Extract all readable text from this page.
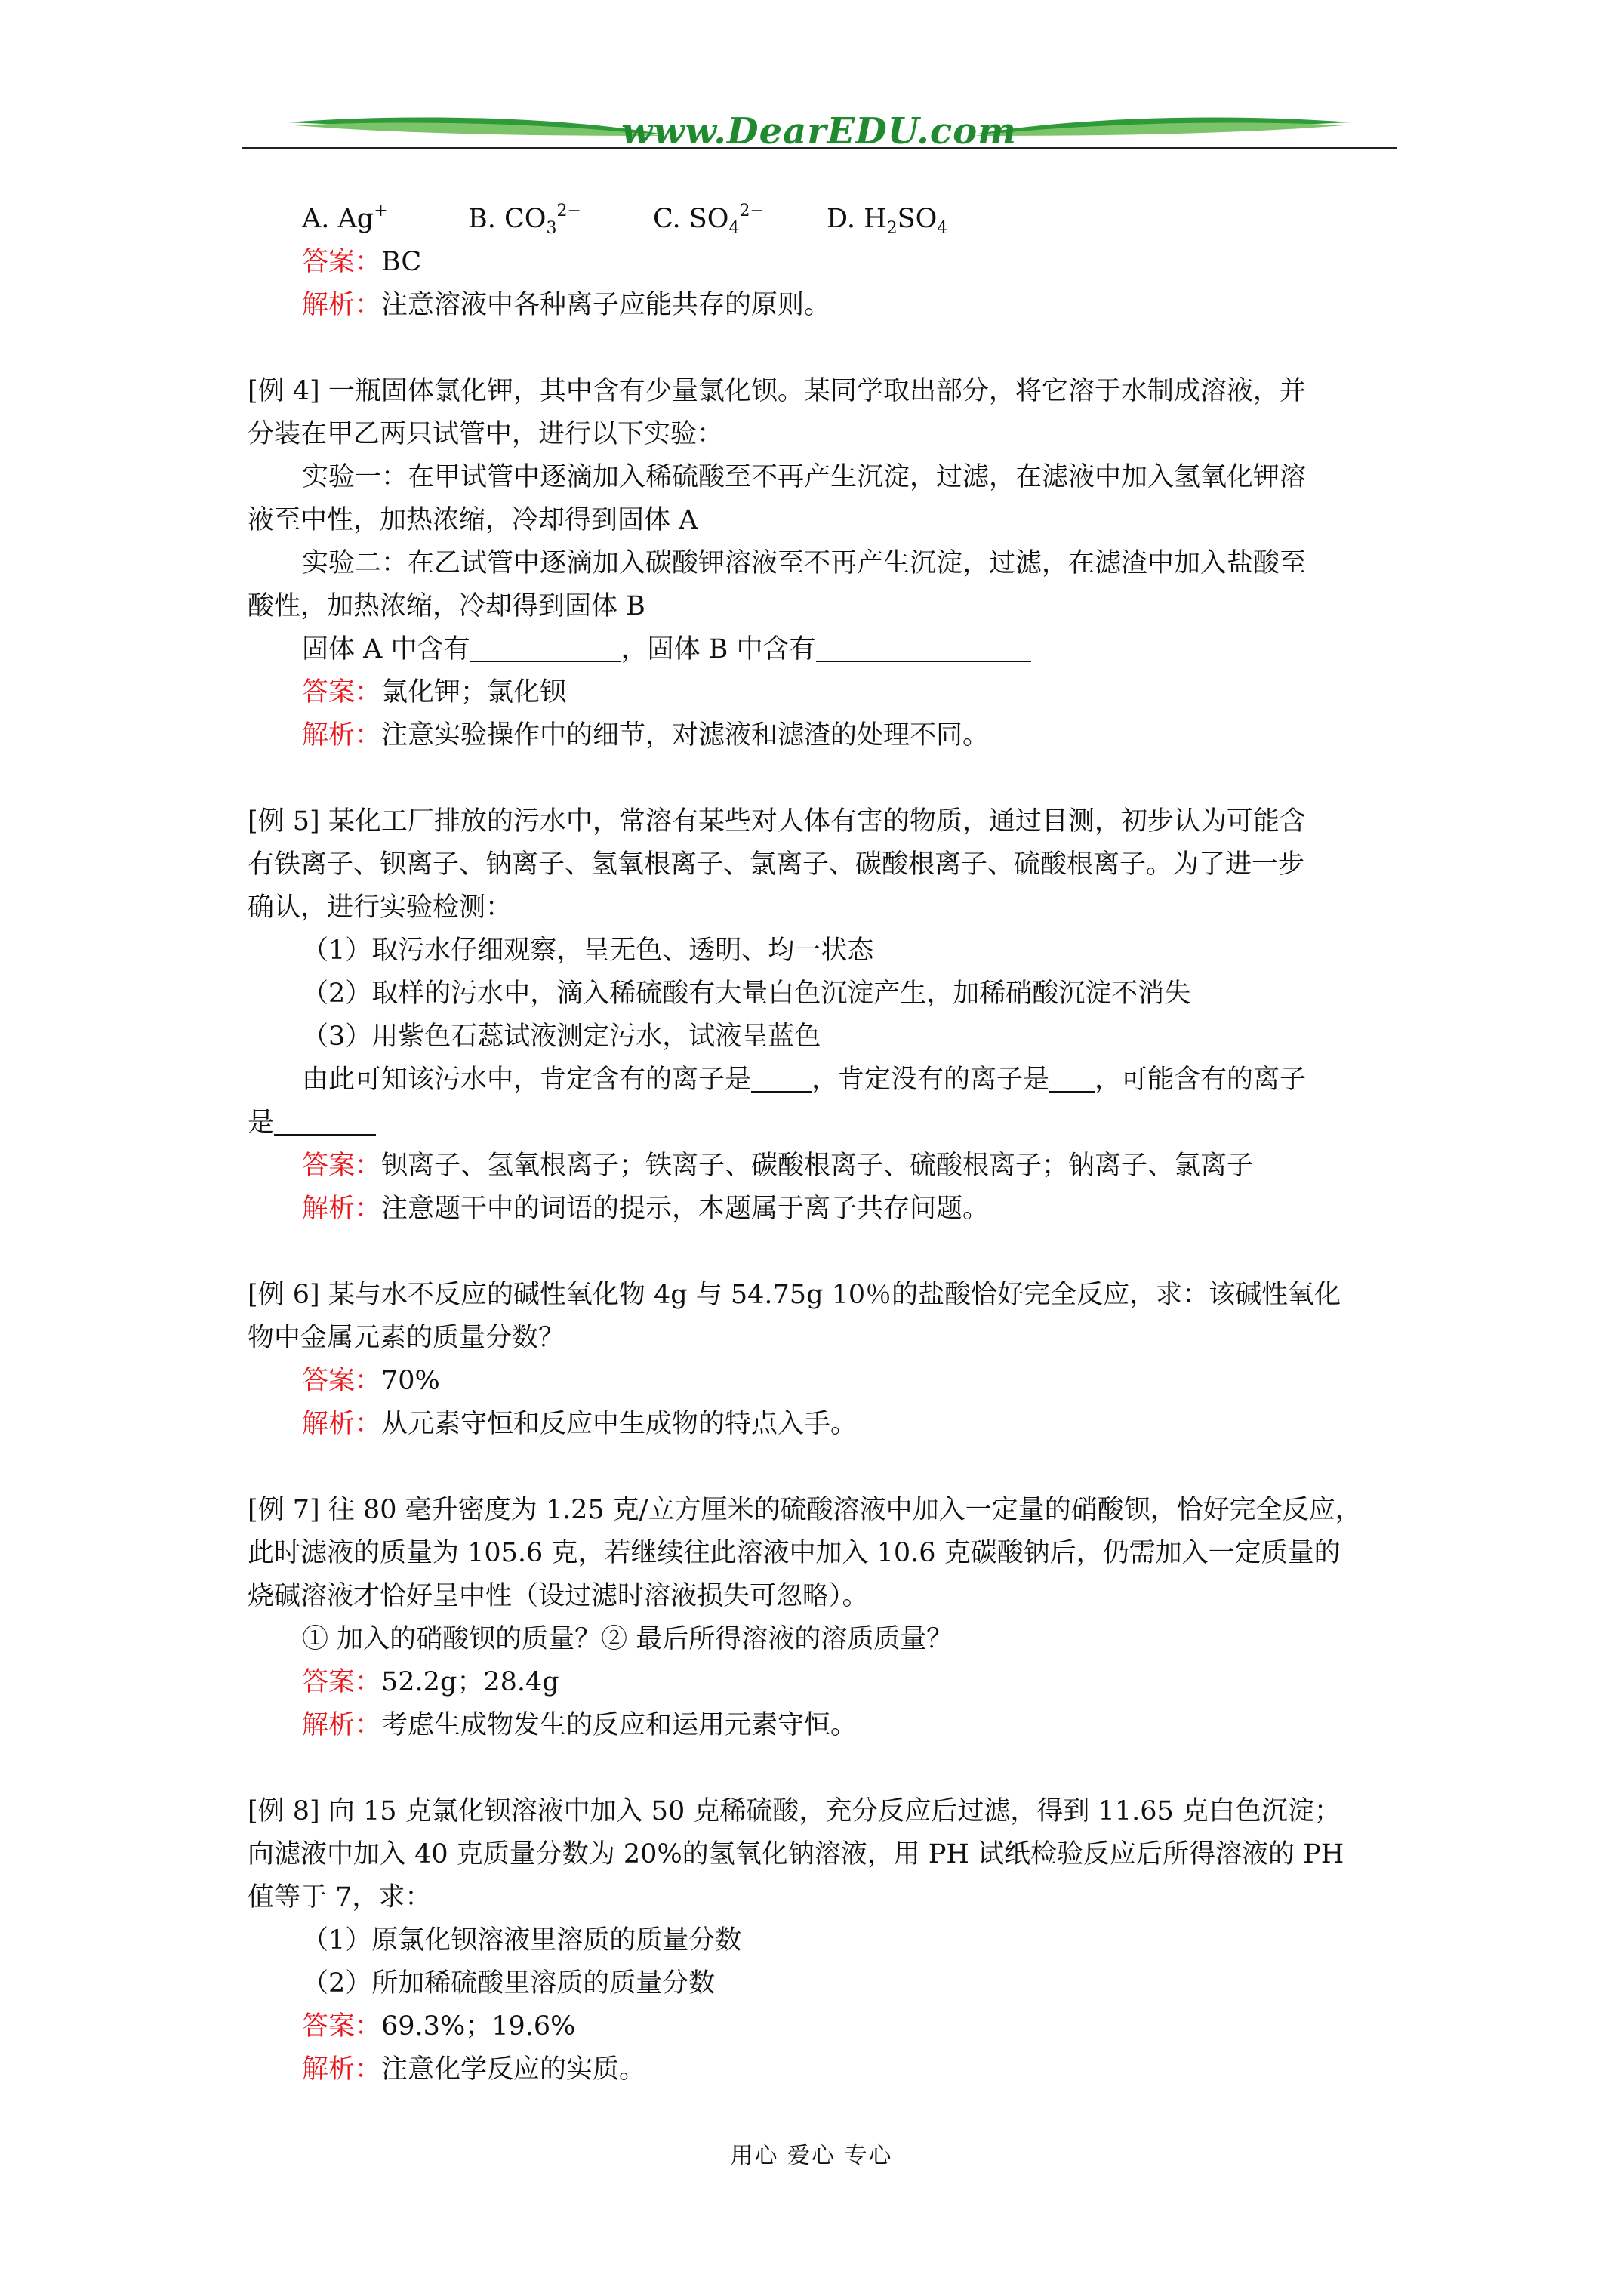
www.DearEDU.com
A. Ag+	B. $CO_3^{2-}$	C. $SO_4^{2-}$ D. $H_2SO_4$
答案：BC
解析：注意溶液中各种离子应能共存的原则。
[例 4] 一瓶固体氯化钾，其中含有少量氯化钡。某同学取出部分，将它溶于水制成溶液，并
分装在甲乙两只试管中，进行以下实验：
实验一：在甲试管中逐滴加入稀硫酸至不再产生沉淀，过滤，在滤液中加入氢氧化钾溶
液至中性，加热浓缩，冷却得到固体 A
实验二：在乙试管中逐滴加入碳酸钾溶液至不再产生沉淀，过滤，在滤渣中加入盐酸至
酸性，加热浓缩，冷却得到固体 B
固体 A 中含有	，固体 B 中含有
答案：氯化钾；氯化钡
解析：注意实验操作中的细节，对滤液和滤渣的处理不同。
[例 5] 某化工厂排放的污水中，常溶有某些对人体有害的物质，通过目测，初步认为可能含
有铁离子、钡离子、钠离子、氢氧根离子、氯离子、碳酸根离子、硫酸根离子。为了进一步
确认，进行实验检测：
（1）取污水仔细观察，呈无色、透明、均一状态
（2）取样的污水中，滴入稀硫酸有大量白色沉淀产生，加稀硝酸沉淀不消失
（3）用紫色石蕊试液测定污水，试液呈蓝色
由此可知该污水中，肯定含有的离子是 ，肯定没有的离子是 ，可能含有的离子
是
答案：钡离子、氢氧根离子；铁离子、碳酸根离子、硫酸根离子；钠离子、氯离子
解析：注意题干中的词语的提示，本题属于离子共存问题。
[例 6] 某与水不反应的碱性氧化物 4g 与 54.75g 10％的盐酸恰好完全反应，求：该碱性氧化
物中金属元素的质量分数？
答案：70%
解析：从元素守恒和反应中生成物的特点入手。
[例 7] 往 80 毫升密度为 1.25 克/立方厘米的硫酸溶液中加入一定量的硝酸钡，恰好完全反应，
此时滤液的质量为 105.6 克，若继续往此溶液中加入 10.6 克碳酸钠后，仍需加入一定质量的
烧碱溶液才恰好呈中性（设过滤时溶液损失可忽略）。
① 加入的硝酸钡的质量？② 最后所得溶液的溶质质量？
答案：52.2g；28.4g
解析：考虑生成物发生的反应和运用元素守恒。
[例 8] 向 15 克氯化钡溶液中加入 50 克稀硫酸，充分反应后过滤，得到 11.65 克白色沉淀；
向滤液中加入 40 克质量分数为 20%的氢氧化钠溶液，用 PH 试纸检验反应后所得溶液的 PH
值等于 7，求：
（1）原氯化钡溶液里溶质的质量分数
（2）所加稀硫酸里溶质的质量分数
答案：69.3%；19.6%
解析：注意化学反应的实质。
用心 爱心 专心
